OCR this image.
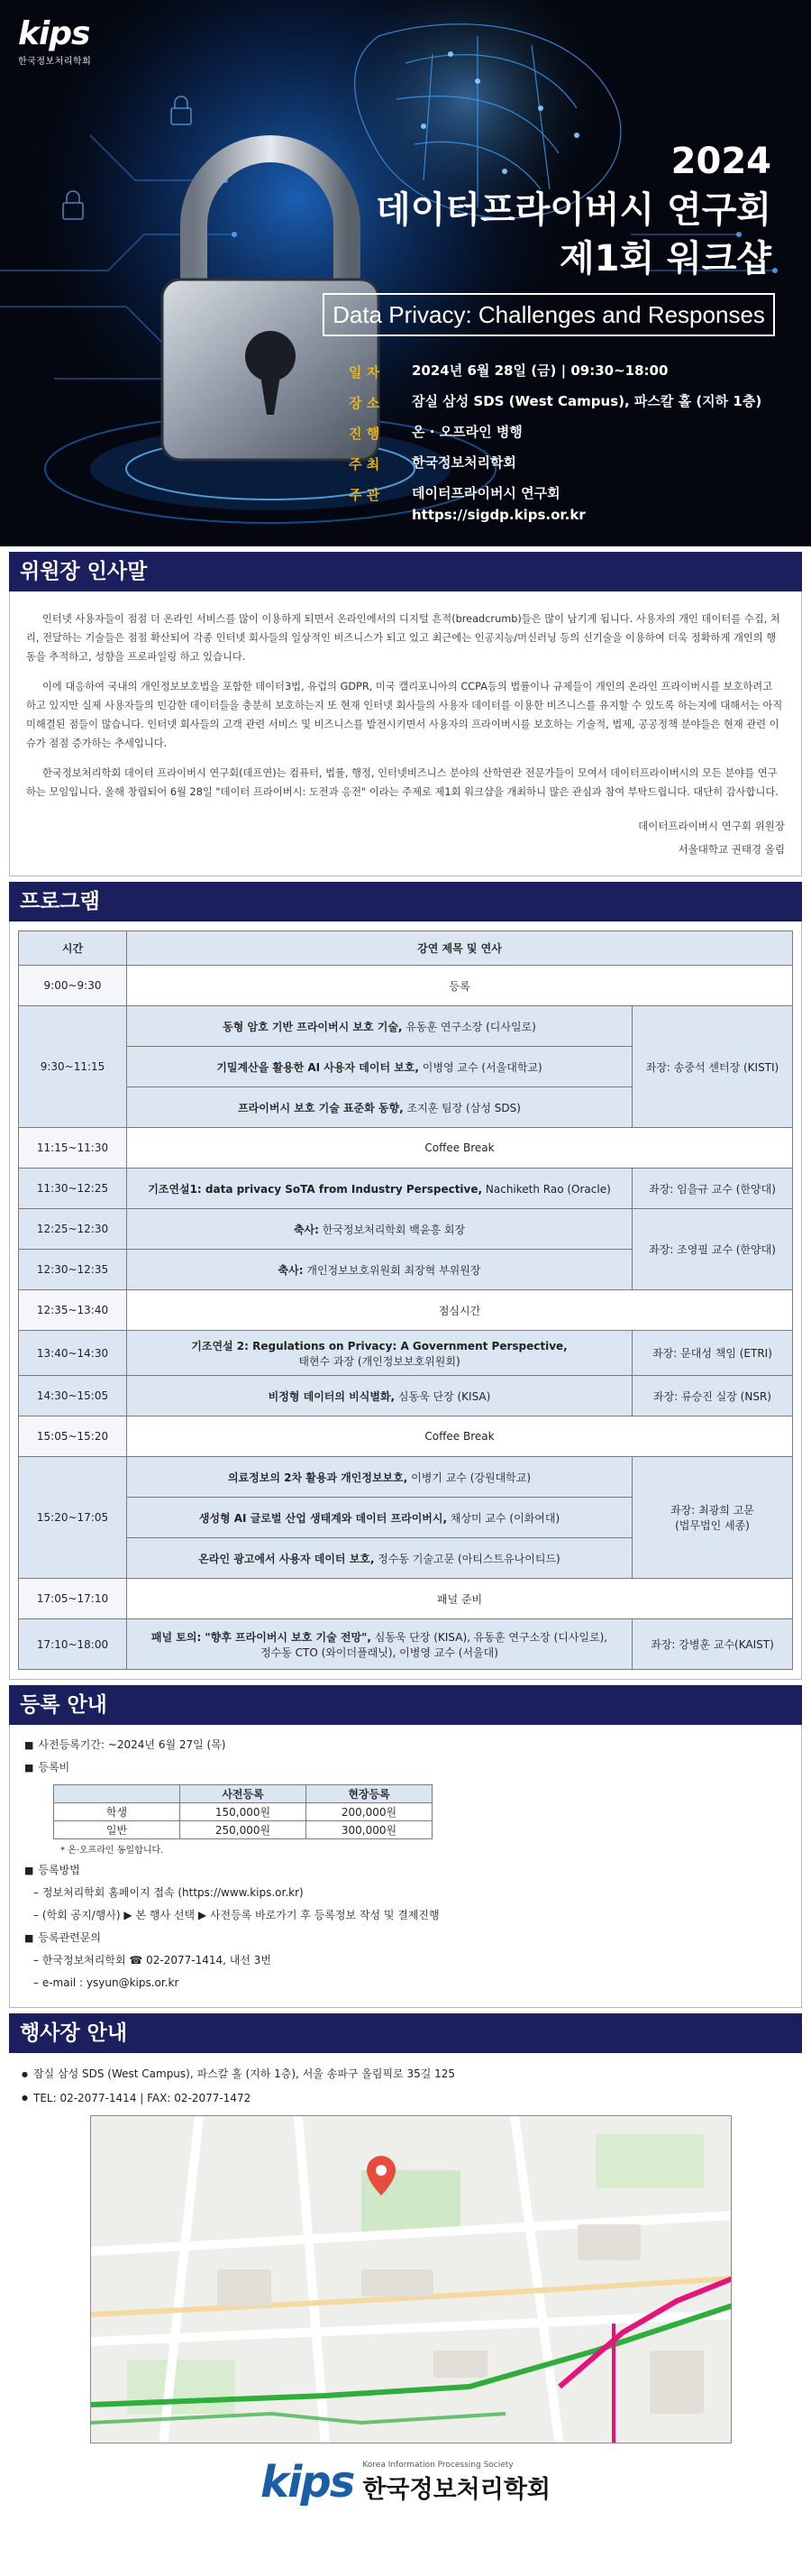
kips
한국정보처리학회
2024
데이터프라이버시 연구회
제1회 워크샵
Data Privacy: Challenges and Responses
일 자	2024년 6월 28일 (금) | 09:30~18:00
장 소	잠실 삼성 SDS (West Campus), 파스칼 홀 (지하 1층)
진 행	온 · 오프라인 병행
주 최	한국정보처리학회
주 관	데이터프라이버시 연구회
https://sigdp.kips.or.kr
위원장 인사말

인터넷 사용자들이 점점 더 온라인 서비스를 많이 이용하게 되면서 온라인에서의 디지털 흔적(breadcrumb)들은 많이 남기게 됩니다. 사용자의 개인 데이터를 수집, 처리, 전달하는 기술들은 점점 확산되어 각종 인터넷 회사들의 일상적인 비즈니스가 되고 있고 최근에는 인공지능/머신러닝 등의 신기술을 이용하여 더욱 정확하게 개인의 행동을 추적하고, 성향을 프로파일링 하고 있습니다.

이에 대응하여 국내의 개인정보보호법을 포함한 데이터3법, 유럽의 GDPR, 미국 캘리포니아의 CCPA등의 법률이나 규제들이 개인의 온라인 프라이버시를 보호하려고 하고 있지만 실제 사용자들의 민감한 데이터들을 충분히 보호하는지 또 현재 인터넷 회사들의 사용자 데이터를 이용한 비즈니스를 유지할 수 있도록 하는지에 대해서는 아직 미해결된 점들이 많습니다. 인터넷 회사들의 고객 관련 서비스 및 비즈니스를 발전시키면서 사용자의 프라이버시를 보호하는 기술적, 법제, 공공정책 분야들은 현재 관련 이슈가 점점 증가하는 추세입니다.

한국정보처리학회 데이터 프라이버시 연구회(데프연)는 컴퓨터, 법률, 행정, 인터넷비즈니스 분야의 산학연관 전문가들이 모여서 데이터프라이버시의 모든 분야를 연구하는 모임입니다. 올해 창립되어 6월 28일 "데이터 프라이버시: 도전과 응전" 이라는 주제로 제1회 워크샵을 개최하니 많은 관심과 참여 부탁드립니다. 대단히 감사합니다.

데이터프라이버시 연구회 위원장
서울대학교 권태경 올림
프로그램
시간	강연 제목 및 연사	
9:00~9:30	등록	
9:30~11:15	동형 암호 기반 프라이버시 보호 기술, 유동훈 연구소장 (디사일로)	좌장: 송중석 센터장 (KISTI)
	기밀계산을 활용한 AI 사용자 데이터 보호, 이병영 교수 (서울대학교)	
	프라이버시 보호 기술 표준화 동향, 조지훈 팀장 (삼성 SDS)	
11:15~11:30	Coffee Break	
11:30~12:25	기조연설1: data privacy SoTA from Industry Perspective, Nachiketh Rao (Oracle)	좌장: 임을규 교수 (한양대)
12:25~12:30	축사: 한국정보처리학회 백윤흥 회장	좌장: 조영필 교수 (한양대)
12:30~12:35	축사: 개인정보보호위원회 최장혁 부위원장	
12:35~13:40	점심시간	
13:40~14:30	기조연설 2: Regulations on Privacy: A Government Perspective,
태현수 과장 (개인정보보호위원회)	좌장: 문대성 책임 (ETRI)
14:30~15:05	비정형 데이터의 비식별화, 심동욱 단장 (KISA)	좌장: 류승진 실장 (NSR)
15:05~15:20	Coffee Break	
15:20~17:05	의료정보의 2차 활용과 개인정보보호, 이병기 교수 (강원대학교)	좌장: 최광희 고문
(법무법인 세종)

	생성형 AI 글로벌 산업 생태계와 데이터 프라이버시, 채상미 교수 (이화여대)	
	온라인 광고에서 사용자 데이터 보호, 정수동 기술고문 (아티스트유나이티드)	
17:05~17:10	패널 준비	
17:10~18:00	패널 토의: "향후 프라이버시 보호 기술 전망", 심동욱 단장 (KISA), 유동훈 연구소장 (디사일로),
정수동 CTO (와이더플래닛), 이병영 교수 (서울대)	좌장: 강병훈 교수(KAIST)
등록 안내
■ 사전등록기간: ~2024년 6월 27일 (목)
■ 등록비
	사전등록	현장등록
학생	150,000원	200,000원
일반	250,000원	300,000원
* 온·오프라인 동일합니다.
■ 등록방법
– 정보처리학회 홈페이지 접속 (https://www.kips.or.kr)
– (학회 공지/행사) ▶ 본 행사 선택 ▶ 사전등록 바로가기 후 등록정보 작성 및 결제진행
■ 등록관련문의
– 한국정보처리학회 ☎ 02-2077-1414, 내선 3번
– e-mail : ysyun@kips.or.kr
행사장 안내
● 잠실 삼성 SDS (West Campus), 파스칼 홀 (지하 1층), 서울 송파구 올림픽로 35길 125
● TEL: 02-2077-1414 | FAX: 02-2077-1472
kips Korea Information Processing Society
한국정보처리학회
